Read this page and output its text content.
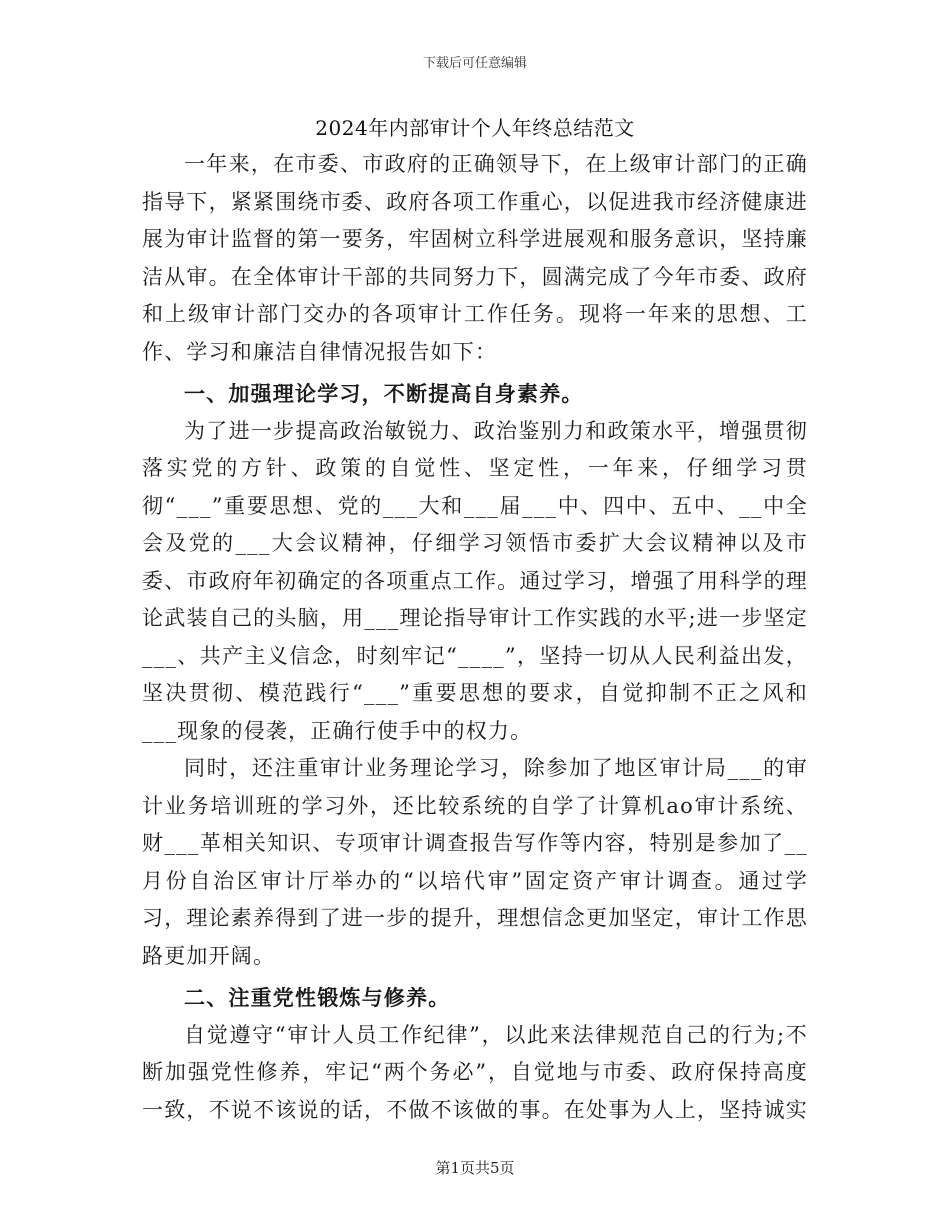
下载后可任意编辑
2024年内部审计个人年终总结范文

一年来，在市委、市政府的正确领导下，在上级审计部门的正确指导下，紧紧围绕市委、政府各项工作重心，以促进我市经济健康进展为审计监督的第一要务，牢固树立科学进展观和服务意识，坚持廉洁从审。在全体审计干部的共同努力下，圆满完成了今年市委、政府和上级审计部门交办的各项审计工作任务。现将一年来的思想、工作、学习和廉洁自律情况报告如下：

一、加强理论学习，不断提高自身素养。

为了进一步提高政治敏锐力、政治鉴别力和政策水平，增强贯彻落实党的方针、政策的自觉性、坚定性，一年来，仔细学习贯彻“___”重要思想、党的___大和___届___中、四中、五中、__中全会及党的___大会议精神，仔细学习领悟市委扩大会议精神以及市委、市政府年初确定的各项重点工作。通过学习，增强了用科学的理论武装自己的头脑，用___理论指导审计工作实践的水平;进一步坚定___、共产主义信念，时刻牢记“____”，坚持一切从人民利益出发，坚决贯彻、模范践行“___”重要思想的要求，自觉抑制不正之风和___现象的侵袭，正确行使手中的权力。

同时，还注重审计业务理论学习，除参加了地区审计局___的审计业务培训班的学习外，还比较系统的自学了计算机ao审计系统、财___革相关知识、专项审计调查报告写作等内容，特别是参加了__月份自治区审计厅举办的“以培代审”固定资产审计调查。通过学习，理论素养得到了进一步的提升，理想信念更加坚定，审计工作思路更加开阔。

二、注重党性锻炼与修养。

自觉遵守“审计人员工作纪律”，以此来法律规范自己的行为;不断加强党性修养，牢记“两个务必”，自觉地与市委、政府保持高度一致，不说不该说的话，不做不该做的事。在处事为人上，坚持诚实

第1页共5页
